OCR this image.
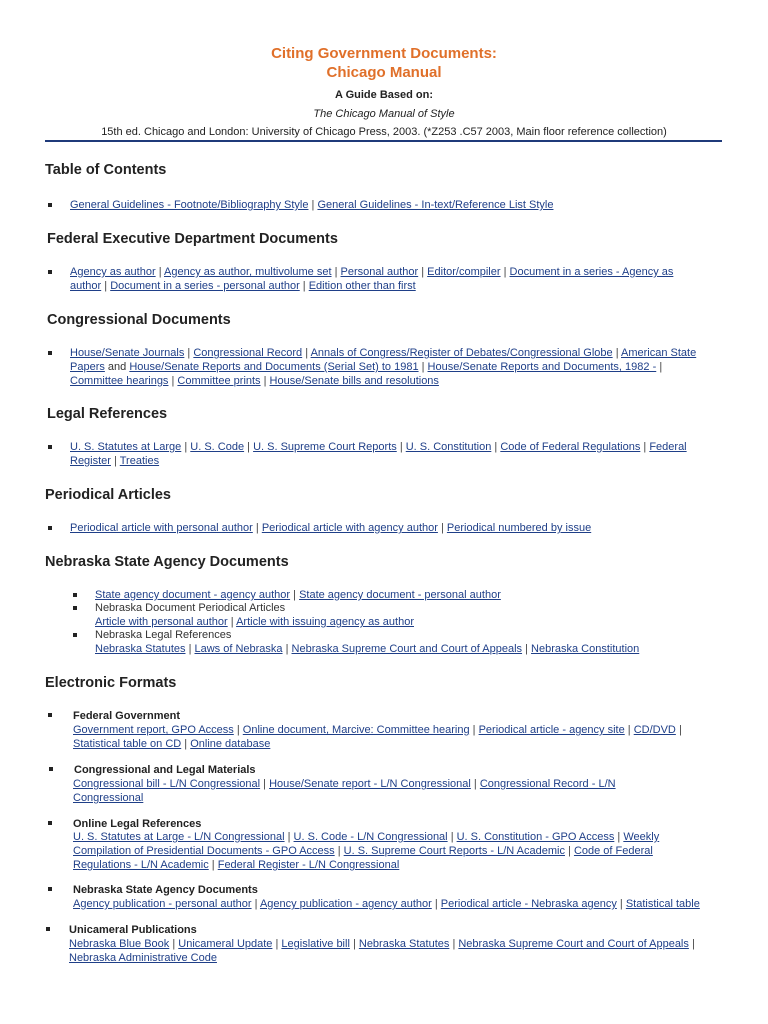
Citing Government Documents:
Chicago Manual
A Guide Based on:
The Chicago Manual of Style
15th ed. Chicago and London: University of Chicago Press, 2003. (*Z253 .C57 2003, Main floor reference collection)
Table of Contents
General Guidelines - Footnote/Bibliography Style | General Guidelines - In-text/Reference List Style
Federal Executive Department Documents
Agency as author | Agency as author, multivolume set | Personal author | Editor/compiler | Document in a series - Agency as
author | Document in a series - personal author | Edition other than first
Congressional Documents
House/Senate Journals | Congressional Record | Annals of Congress/Register of Debates/Congressional Globe | American State
Papers and House/Senate Reports and Documents (Serial Set) to 1981 | House/Senate Reports and Documents, 1982 - |
Committee hearings | Committee prints | House/Senate bills and resolutions
Legal References
U. S. Statutes at Large | U. S. Code | U. S. Supreme Court Reports | U. S. Constitution | Code of Federal Regulations | Federal
Register | Treaties
Periodical Articles
Periodical article with personal author | Periodical article with agency author | Periodical numbered by issue
Nebraska State Agency Documents
State agency document - agency author | State agency document - personal author
Nebraska Document Periodical Articles
Article with personal author | Article with issuing agency as author
Nebraska Legal References
Nebraska Statutes | Laws of Nebraska | Nebraska Supreme Court and Court of Appeals | Nebraska Constitution
Electronic Formats
Federal Government
Government report, GPO Access | Online document, Marcive: Committee hearing | Periodical article - agency site | CD/DVD |
Statistical table on CD | Online database
Congressional and Legal Materials
Congressional bill - L/N Congressional | House/Senate report - L/N Congressional | Congressional Record - L/N
Congressional
Online Legal References
U. S. Statutes at Large - L/N Congressional | U. S. Code - L/N Congressional | U. S. Constitution - GPO Access | Weekly
Compilation of Presidential Documents - GPO Access | U. S. Supreme Court Reports - L/N Academic | Code of Federal
Regulations - L/N Academic | Federal Register - L/N Congressional
Nebraska State Agency Documents
Agency publication - personal author | Agency publication - agency author | Periodical article - Nebraska agency | Statistical table
Unicameral Publications
Nebraska Blue Book | Unicameral Update | Legislative bill | Nebraska Statutes | Nebraska Supreme Court and Court of Appeals |
Nebraska Administrative Code
